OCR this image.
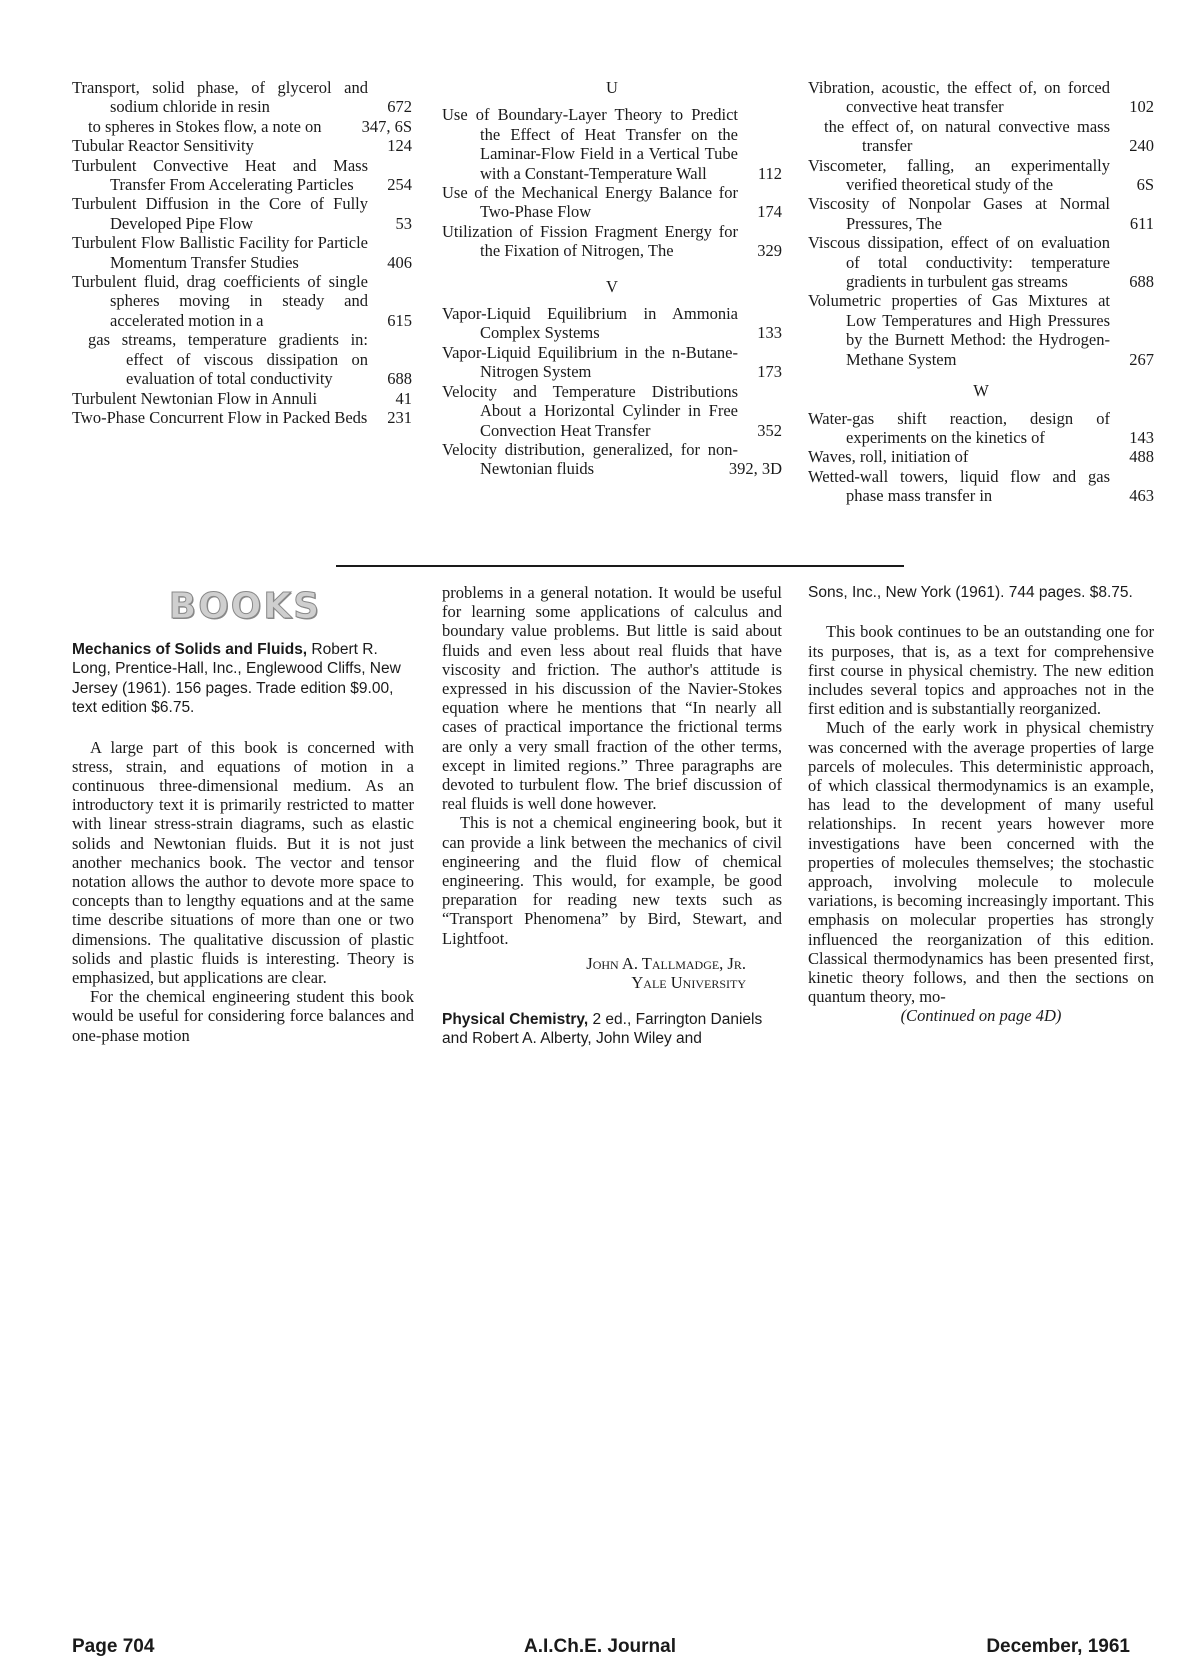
Transport, solid phase, of glycerol and sodium chloride in resin	672
to spheres in Stokes flow, a note on	347, 6S
Tubular Reactor Sensitivity	124
Turbulent Convective Heat and Mass Transfer From Accelerating Particles	254
Turbulent Diffusion in the Core of Fully Developed Pipe Flow	53
Turbulent Flow Ballistic Facility for Particle Momentum Transfer Studies	406
Turbulent fluid, drag coefficients of single spheres moving in steady and accelerated motion in a	615
gas streams, temperature gradients in: effect of viscous dissipation on evaluation of total conductivity	688
Turbulent Newtonian Flow in Annuli	41
Two-Phase Concurrent Flow in Packed Beds	231
U
Use of Boundary-Layer Theory to Predict the Effect of Heat Transfer on the Laminar-Flow Field in a Vertical Tube with a Constant-Temperature Wall	112
Use of the Mechanical Energy Balance for Two-Phase Flow	174
Utilization of Fission Fragment Energy for the Fixation of Nitrogen, The	329
V
Vapor-Liquid Equilibrium in Ammonia Complex Systems	133
Vapor-Liquid Equilibrium in the n-Butane-Nitrogen System	173
Velocity and Temperature Distributions About a Horizontal Cylinder in Free Convection Heat Transfer	352
Velocity distribution, generalized, for non-Newtonian fluids	392, 3D
Vibration, acoustic, the effect of, on forced convective heat transfer	102
the effect of, on natural convective mass transfer	240
Viscometer, falling, an experimentally verified theoretical study of the	6S
Viscosity of Nonpolar Gases at Normal Pressures, The	611
Viscous dissipation, effect of on evaluation of total conductivity: temperature gradients in turbulent gas streams	688
Volumetric properties of Gas Mixtures at Low Temperatures and High Pressures by the Burnett Method: the Hydrogen-Methane System	267
W
Water-gas shift reaction, design of experiments on the kinetics of	143
Waves, roll, initiation of	488
Wetted-wall towers, liquid flow and gas phase mass transfer in	463
BOOKS

Mechanics of Solids and Fluids, Robert R. Long, Prentice-Hall, Inc., Englewood Cliffs, New Jersey (1961). 156 pages. Trade edition $9.00, text edition $6.75.

A large part of this book is concerned with stress, strain, and equations of motion in a continuous three-dimensional medium. As an introductory text it is primarily restricted to matter with linear stress-strain diagrams, such as elastic solids and Newtonian fluids. But it is not just another mechanics book. The vector and tensor notation allows the author to devote more space to concepts than to lengthy equations and at the same time describe situations of more than one or two dimensions. The qualitative discussion of plastic solids and plastic fluids is interesting. Theory is emphasized, but applications are clear.

For the chemical engineering student this book would be useful for considering force balances and one-phase motion

problems in a general notation. It would be useful for learning some applications of calculus and boundary value problems. But little is said about fluids and even less about real fluids that have viscosity and friction. The author's attitude is expressed in his discussion of the Navier-Stokes equation where he mentions that “In nearly all cases of practical importance the frictional terms are only a very small fraction of the other terms, except in limited regions.” Three paragraphs are devoted to turbulent flow. The brief discussion of real fluids is well done however.

This is not a chemical engineering book, but it can provide a link between the mechanics of civil engineering and the fluid flow of chemical engineering. This would, for example, be good preparation for reading new texts such as “Transport Phenomena” by Bird, Stewart, and Lightfoot.

John A. Tallmadge, Jr.
Yale University

Physical Chemistry, 2 ed., Farrington Daniels and Robert A. Alberty, John Wiley and

Sons, Inc., New York (1961). 744 pages. $8.75.

This book continues to be an outstanding one for its purposes, that is, as a text for comprehensive first course in physical chemistry. The new edition includes several topics and approaches not in the first edition and is substantially reorganized.

Much of the early work in physical chemistry was concerned with the average properties of large parcels of molecules. This deterministic approach, of which classical thermodynamics is an example, has lead to the development of many useful relationships. In recent years however more investigations have been concerned with the properties of molecules themselves; the stochastic approach, involving molecule to molecule variations, is becoming increasingly important. This emphasis on molecular properties has strongly influenced the reorganization of this edition. Classical thermodynamics has been presented first, kinetic theory follows, and then the sections on quantum theory, mo-

(Continued on page 4D)

Page 704	A.I.Ch.E. Journal	December, 1961
